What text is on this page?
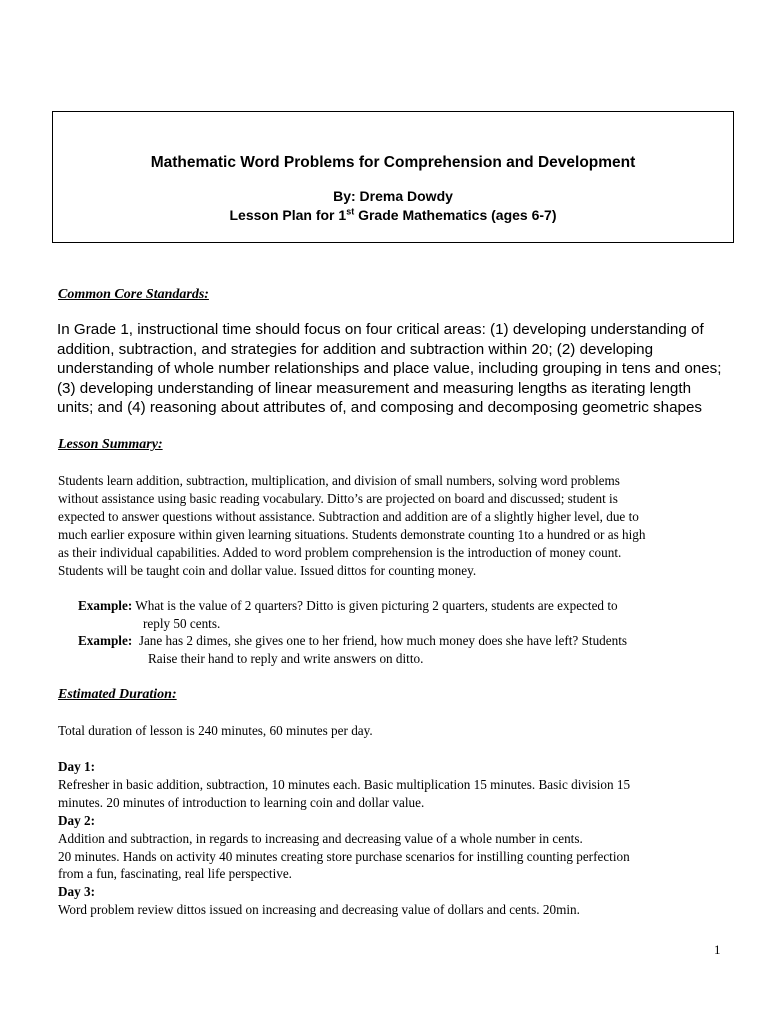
Mathematic Word Problems for Comprehension and Development
By: Drema Dowdy
Lesson Plan for 1st Grade Mathematics (ages 6-7)
Common Core Standards:
In Grade 1, instructional time should focus on four critical areas: (1) developing understanding of
addition, subtraction, and strategies for addition and subtraction within 20; (2) developing
understanding of whole number relationships and place value, including grouping in tens and ones;
(3) developing understanding of linear measurement and measuring lengths as iterating length
units; and (4) reasoning about attributes of, and composing and decomposing geometric shapes
Lesson Summary:
Students learn addition, subtraction, multiplication, and division of small numbers, solving word problems
without assistance using basic reading vocabulary. Ditto’s are projected on board and discussed; student is
expected to answer questions without assistance. Subtraction and addition are of a slightly higher level, due to
much earlier exposure within given learning situations. Students demonstrate counting 1to a hundred or as high
as their individual capabilities. Added to word problem comprehension is the introduction of money count.
Students will be taught coin and dollar value. Issued dittos for counting money.
Example: What is the value of 2 quarters? Ditto is given picturing 2 quarters, students are expected to
reply 50 cents.
Example: Jane has 2 dimes, she gives one to her friend, how much money does she have left? Students
Raise their hand to reply and write answers on ditto.
Estimated Duration:
Total duration of lesson is 240 minutes, 60 minutes per day.
Day 1:
Refresher in basic addition, subtraction, 10 minutes each. Basic multiplication 15 minutes. Basic division 15
minutes. 20 minutes of introduction to learning coin and dollar value.
Day 2:
Addition and subtraction, in regards to increasing and decreasing value of a whole number in cents.
20 minutes. Hands on activity 40 minutes creating store purchase scenarios for instilling counting perfection
from a fun, fascinating, real life perspective.
Day 3:
Word problem review dittos issued on increasing and decreasing value of dollars and cents. 20min.
1
